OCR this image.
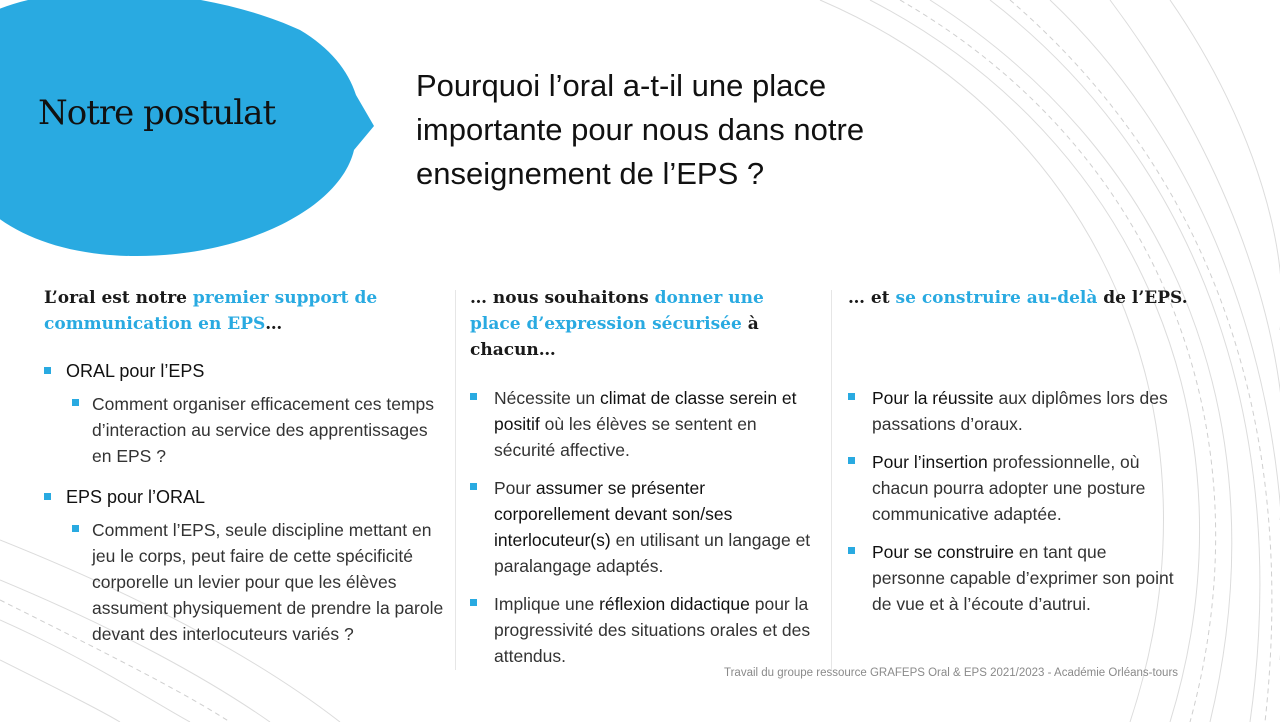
Notre postulat

Pourquoi l’oral a-t-il une place importante pour nous dans notre enseignement de l’EPS ?

L’oral est notre premier support de communication en EPS…

ORAL pour l’EPS
Comment organiser efficacement ces temps d’interaction au service des apprentissages en EPS ?
EPS pour l’ORAL
Comment l’EPS, seule discipline mettant en jeu le corps, peut faire de cette spécificité corporelle un levier pour que les élèves assument physiquement de prendre la parole devant des interlocuteurs variés ?

… nous souhaitons donner une place d’expression sécurisée à chacun…

Nécessite un climat de classe serein et positif où les élèves se sentent en sécurité affective.
Pour assumer se présenter corporellement devant son/ses interlocuteur(s) en utilisant un langage et paralangage adaptés.
Implique une réflexion didactique pour la progressivité des situations orales et des attendus.

… et se construire au-delà de l’EPS.

Pour la réussite aux diplômes lors des passations d’oraux.
Pour l’insertion professionnelle, où chacun pourra adopter une posture communicative adaptée.
Pour se construire en tant que personne capable d’exprimer son point de vue et à l’écoute d’autrui.
Travail du groupe ressource GRAFEPS Oral & EPS 2021/2023 - Académie Orléans-tours
